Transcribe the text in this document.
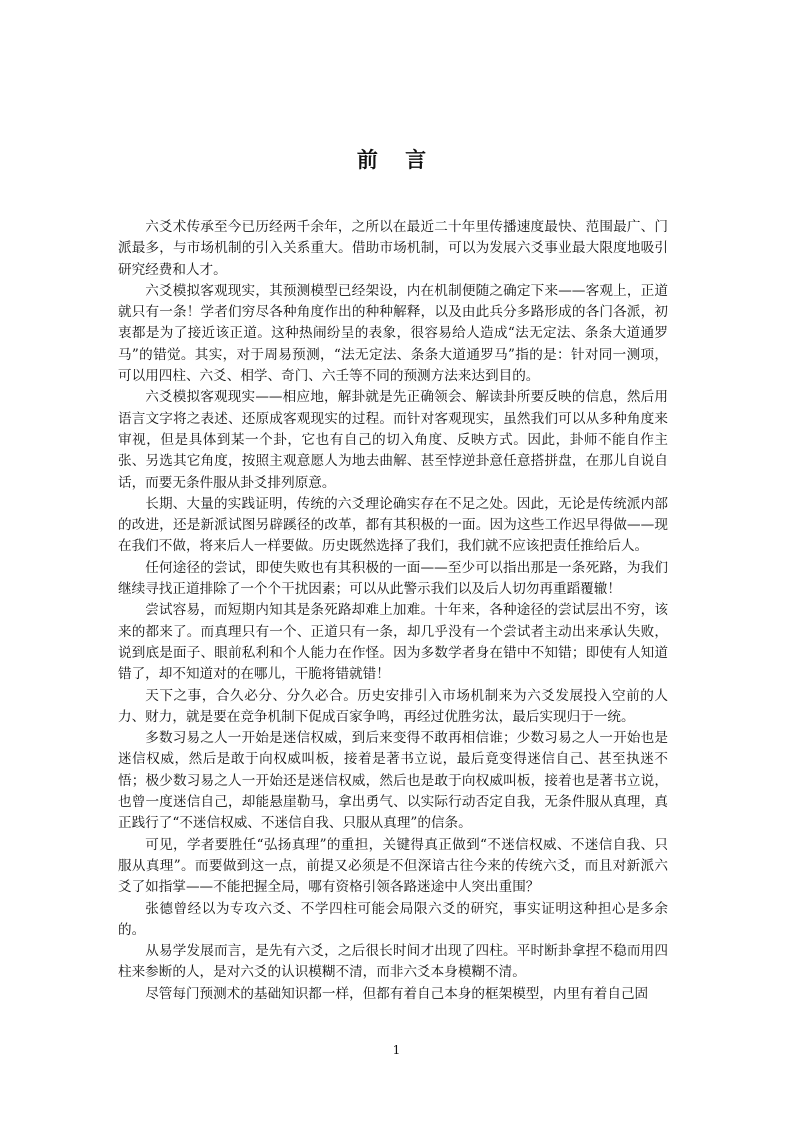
前 言

六爻术传承至今已历经两千余年，之所以在最近二十年里传播速度最快、范围最广、门派最多，与市场机制的引入关系重大。借助市场机制，可以为发展六爻事业最大限度地吸引研究经费和人才。

六爻模拟客观现实，其预测模型已经架设，内在机制便随之确定下来——客观上，正道就只有一条！学者们穷尽各种角度作出的种种解释，以及由此兵分多路形成的各门各派，初衷都是为了接近该正道。这种热闹纷呈的表象，很容易给人造成“法无定法、条条大道通罗马”的错觉。其实，对于周易预测，“法无定法、条条大道通罗马”指的是：针对同一测项，可以用四柱、六爻、相学、奇门、六壬等不同的预测方法来达到目的。

六爻模拟客观现实——相应地，解卦就是先正确领会、解读卦所要反映的信息，然后用语言文字将之表述、还原成客观现实的过程。而针对客观现实，虽然我们可以从多种角度来审视，但是具体到某一个卦，它也有自己的切入角度、反映方式。因此，卦师不能自作主张、另选其它角度，按照主观意愿人为地去曲解、甚至悖逆卦意任意搭拼盘，在那儿自说自话，而要无条件服从卦爻排列原意。

长期、大量的实践证明，传统的六爻理论确实存在不足之处。因此，无论是传统派内部的改进，还是新派试图另辟蹊径的改革，都有其积极的一面。因为这些工作迟早得做——现在我们不做，将来后人一样要做。历史既然选择了我们，我们就不应该把责任推给后人。

任何途径的尝试，即使失败也有其积极的一面——至少可以指出那是一条死路，为我们继续寻找正道排除了一个个干扰因素；可以从此警示我们以及后人切勿再重蹈覆辙！

尝试容易，而短期内知其是条死路却难上加难。十年来，各种途径的尝试层出不穷，该来的都来了。而真理只有一个、正道只有一条，却几乎没有一个尝试者主动出来承认失败，说到底是面子、眼前私利和个人能力在作怪。因为多数学者身在错中不知错；即使有人知道错了，却不知道对的在哪儿，干脆将错就错！

天下之事，合久必分、分久必合。历史安排引入市场机制来为六爻发展投入空前的人力、财力，就是要在竞争机制下促成百家争鸣，再经过优胜劣汰，最后实现归于一统。

多数习易之人一开始是迷信权威，到后来变得不敢再相信谁；少数习易之人一开始也是迷信权威，然后是敢于向权威叫板，接着是著书立说，最后竟变得迷信自己、甚至执迷不悟；极少数习易之人一开始还是迷信权威，然后也是敢于向权威叫板，接着也是著书立说，也曾一度迷信自己，却能悬崖勒马，拿出勇气、以实际行动否定自我，无条件服从真理，真正践行了“不迷信权威、不迷信自我、只服从真理”的信条。

可见，学者要胜任“弘扬真理”的重担，关键得真正做到“不迷信权威、不迷信自我、只服从真理”。而要做到这一点，前提又必须是不但深谙古往今来的传统六爻，而且对新派六爻了如指掌——不能把握全局，哪有资格引领各路迷途中人突出重围？

张德曾经以为专攻六爻、不学四柱可能会局限六爻的研究，事实证明这种担心是多余的。

从易学发展而言，是先有六爻，之后很长时间才出现了四柱。平时断卦拿捏不稳而用四柱来参断的人，是对六爻的认识模糊不清，而非六爻本身模糊不清。

尽管每门预测术的基础知识都一样，但都有着自己本身的框架模型，内里有着自己固

1
